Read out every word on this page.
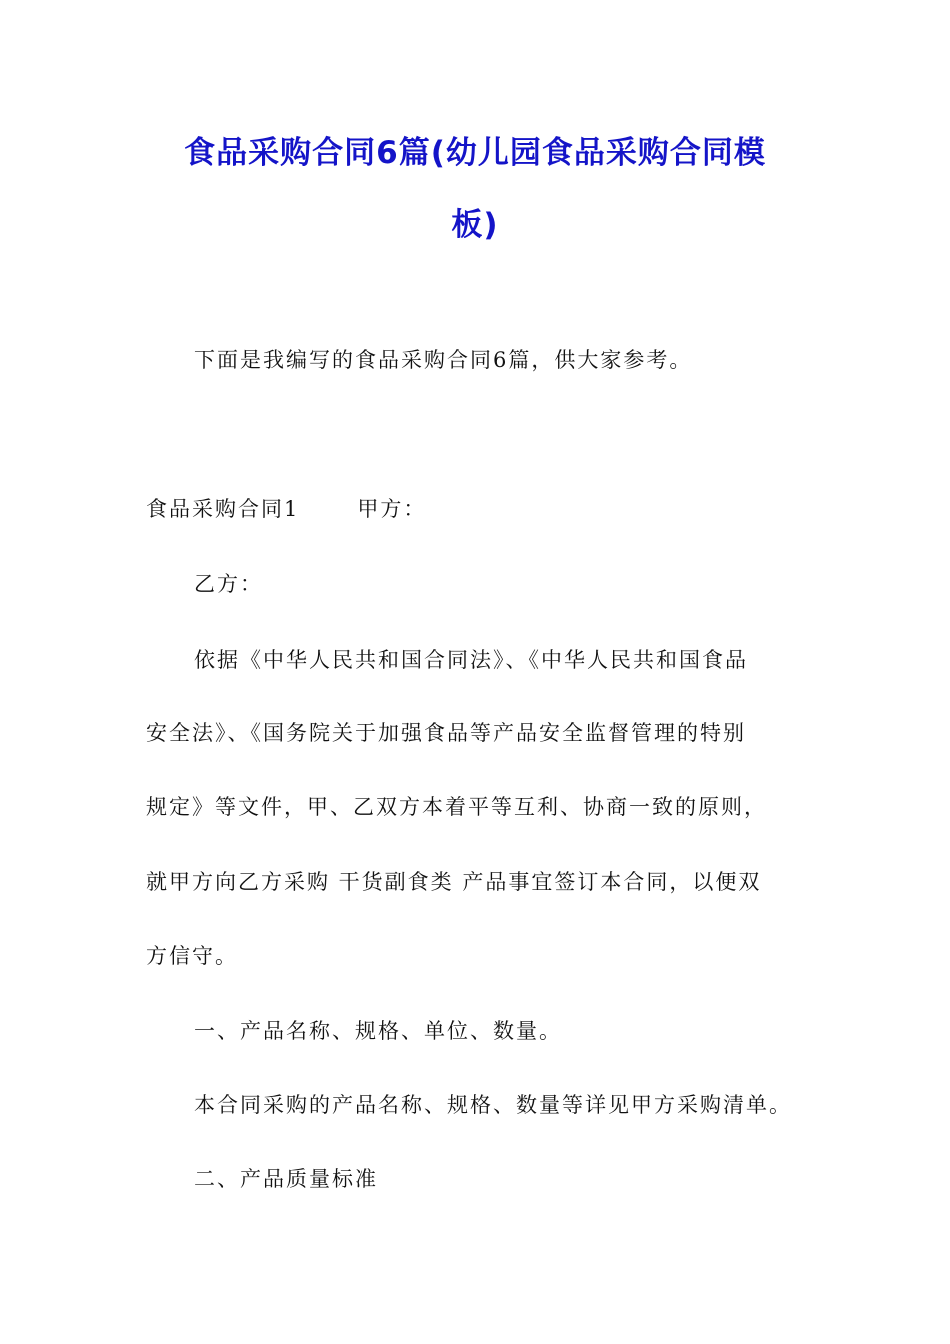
食品采购合同6篇(幼儿园食品采购合同模
板)
下面是我编写的食品采购合同6篇，供大家参考。
食品采购合同1	甲方：
乙方：
依据《中华人民共和国合同法》、《中华人民共和国食品
安全法》、《国务院关于加强食品等产品安全监督管理的特别
规定》等文件，甲、乙双方本着平等互利、协商一致的原则，
就甲方向乙方采购 干货副食类 产品事宜签订本合同，以便双
方信守。
一、产品名称、规格、单位、数量。
本合同采购的产品名称、规格、数量等详见甲方采购清单。
二、产品质量标准
